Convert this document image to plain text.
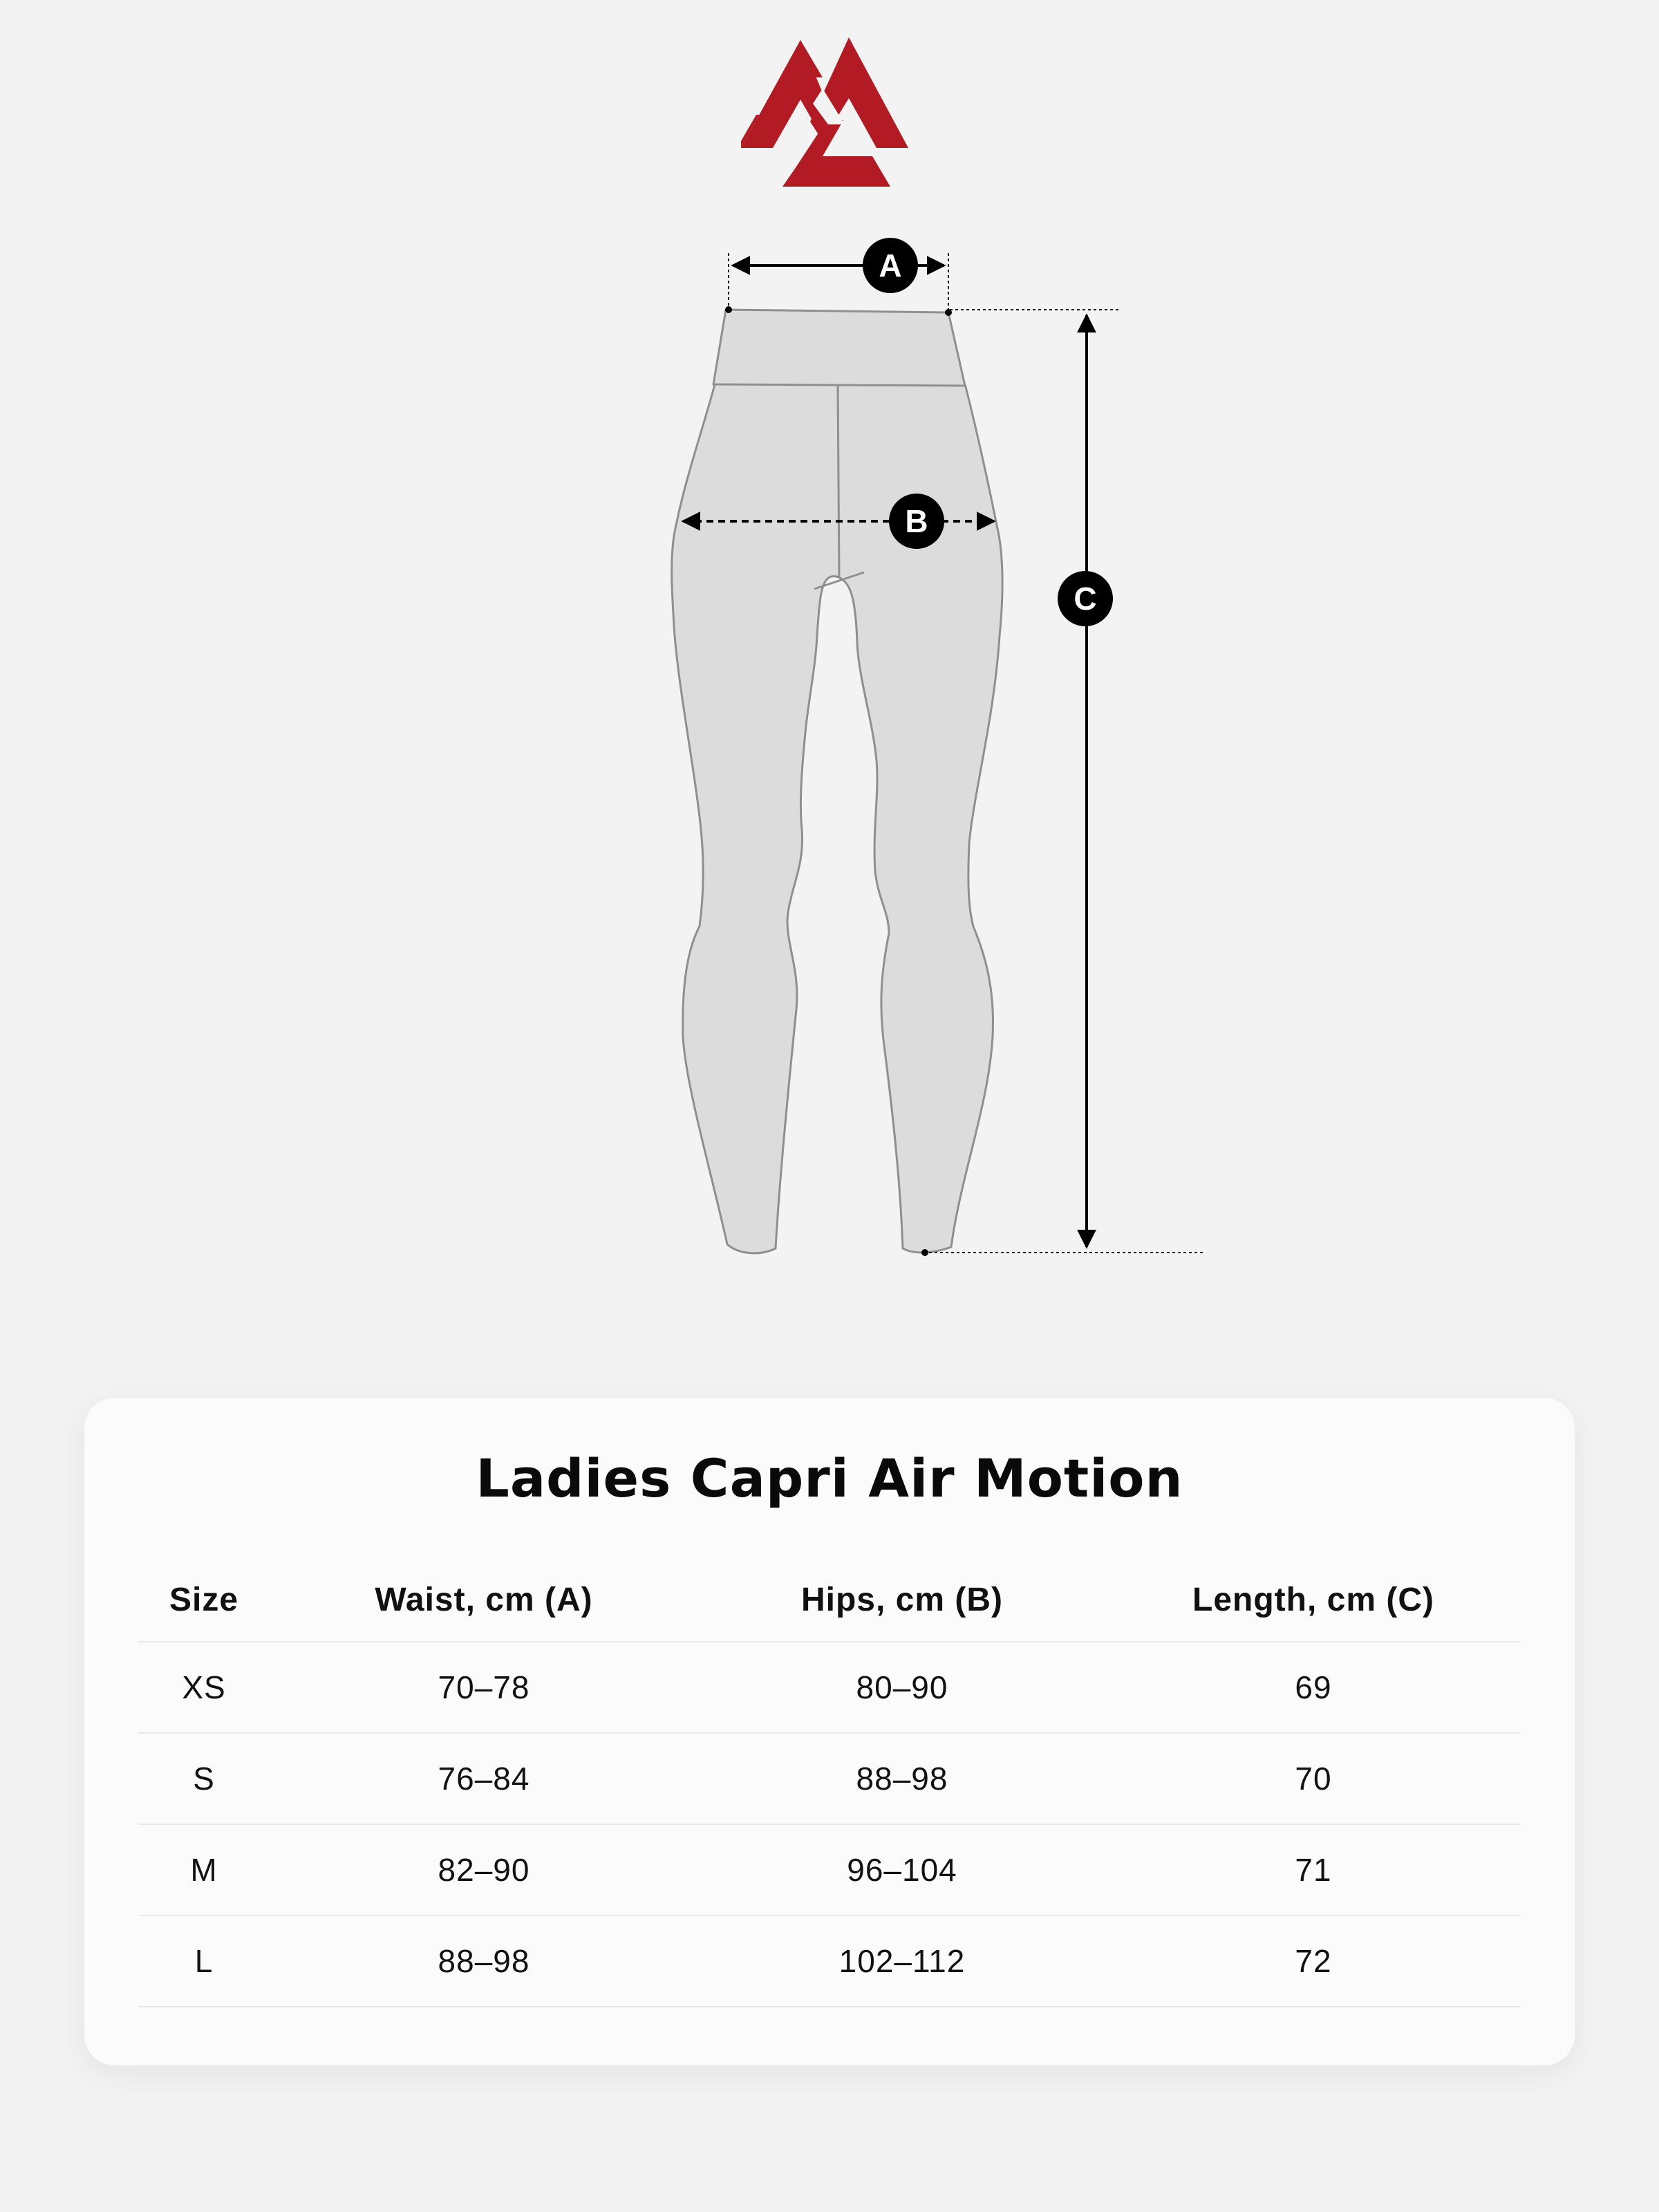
A
B
C
Ladies Capri Air Motion
Size	Waist, cm (A)	Hips, cm (B)	Length, cm (C)
XS	70–78	80–90	69
S	76–84	88–98	70
M	82–90	96–104	71
L	88–98	102–112	72
